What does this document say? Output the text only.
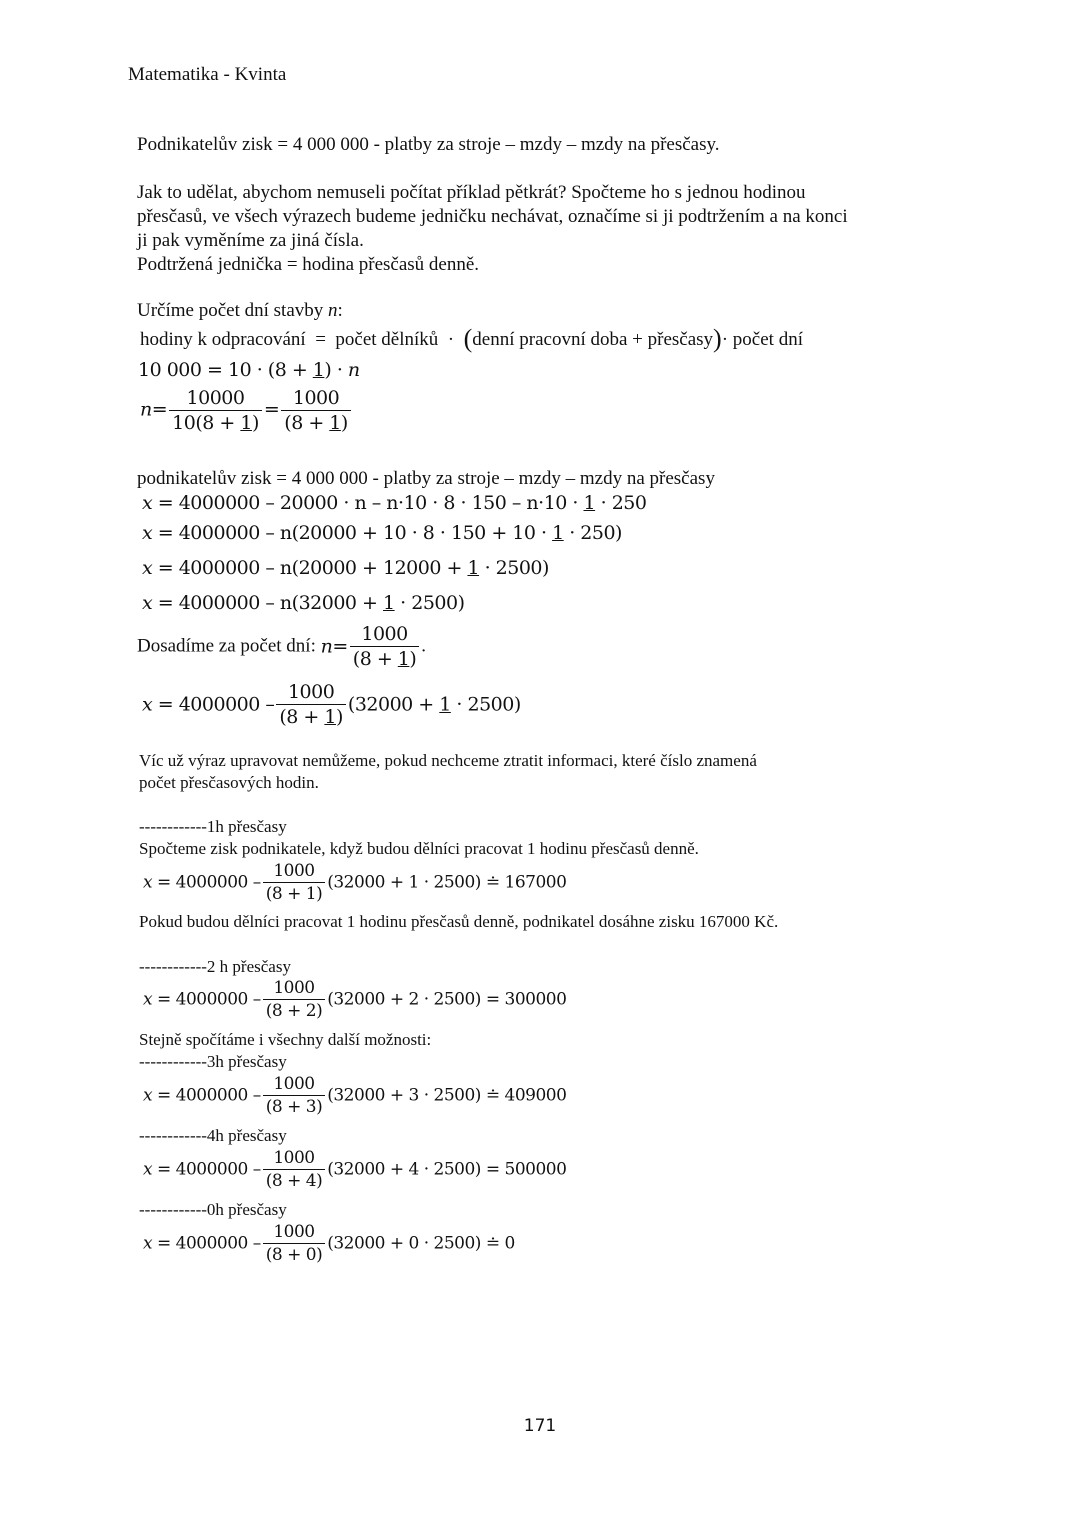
Matematika - Kvinta
Podnikatelův zisk = 4 000 000 - platby za stroje – mzdy – mzdy na přesčasy.
Jak to udělat, abychom nemuseli počítat příklad pětkrát? Spočteme ho s jednou hodinou
přesčasů, ve všech výrazech budeme jedničku nechávat, označíme si ji podtržením a na konci
ji pak vyměníme za jiná čísla.
Podtržená jednička = hodina přesčasů denně.
Určíme počet dní stavby n:
hodiny k odpracování = počet dělníků · (denní pracovní doba + přesčasy)· počet dní
10 000 = 10 · (8 + 1) · n
$n= \frac{10000}{10(8 + 1)} = \frac{1000}{(8 + 1)}$
podnikatelův zisk = 4 000 000 - platby za stroje – mzdy – mzdy na přesčasy
x = 4000000 – 20000 · n – n·10 · 8 · 150 – n·10 · 1 · 250
x = 4000000 – n(20000 + 10 · 8 · 150 + 10 · 1 · 250)
x = 4000000 – n(20000 + 12000 + 1 · 2500)
x = 4000000 – n(32000 + 1 · 2500)
Dosadíme za počet dní: $n= \frac{1000}{(8 + 1)}$ .
$x = 4000000 - \frac{1000}{(8 + 1)} (32000 + 1 \cdot 2500)$
Víc už výraz upravovat nemůžeme, pokud nechceme ztratit informaci, které číslo znamená
počet přesčasových hodin.
------------1h přesčasy
Spočteme zisk podnikatele, když budou dělníci pracovat 1 hodinu přesčasů denně.
$x = 4000000 - \frac{1000}{(8 + 1)} (32000 + 1 \cdot 2500)$ ≐ 167000
Pokud budou dělníci pracovat 1 hodinu přesčasů denně, podnikatel dosáhne zisku 167000 Kč.
------------2 h přesčasy
$x = 4000000 - \frac{1000}{(8 + 2)} (32000 + 2 \cdot 2500) = 300000$
Stejně spočítáme i všechny další možnosti:
------------3h přesčasy
$x = 4000000 - \frac{1000}{(8 + 3)} (32000 + 3 \cdot 2500)$ ≐ 409000
------------4h přesčasy
$x = 4000000 - \frac{1000}{(8 + 4)} (32000 + 4 \cdot 2500) = 500000$
------------0h přesčasy
$x = 4000000 - \frac{1000}{(8 + 0)} (32000 + 0 \cdot 2500)$ ≐ 0
171
